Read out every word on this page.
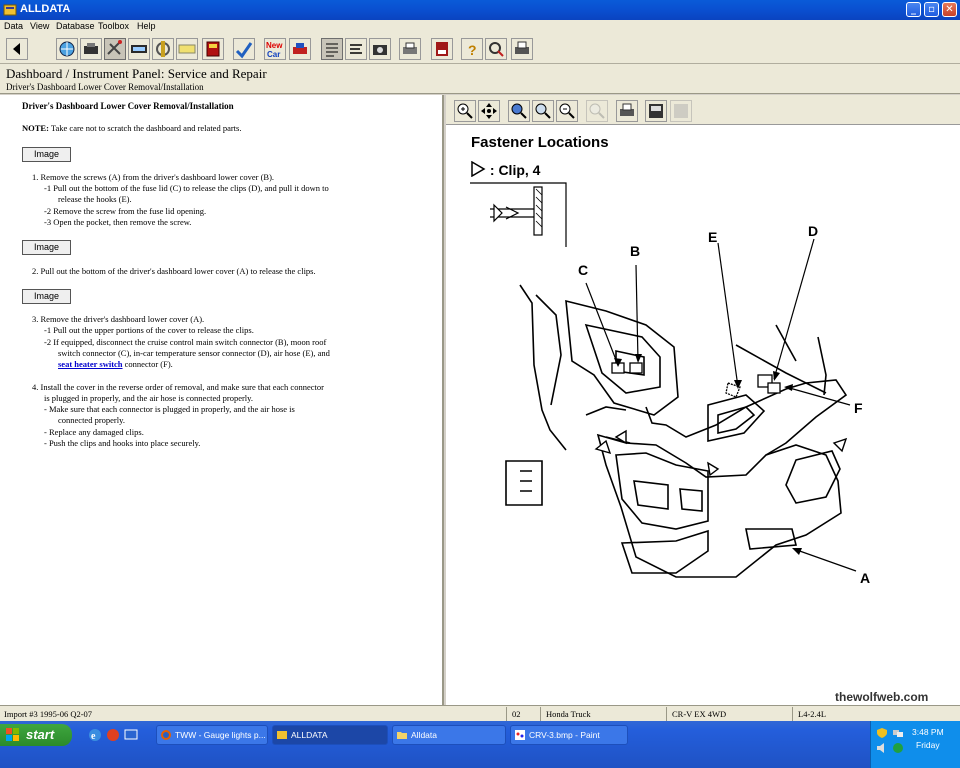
ALLDATA	_	▫	✕
Data View Database Toolbox Help
New
Car	?
Dashboard / Instrument Panel: Service and Repair
Driver's Dashboard Lower Cover Removal/Installation
Driver's Dashboard Lower Cover Removal/Installation
NOTE: Take care not to scratch the dashboard and related parts.
Image
1. Remove the screws (A) from the driver's dashboard lower cover (B).
-1 Pull out the bottom of the fuse lid (C) to release the clips (D), and pull it down to
release the hooks (E).
-2 Remove the screw from the fuse lid opening.
-3 Open the pocket, then remove the screw.
Image
2. Pull out the bottom of the driver's dashboard lower cover (A) to release the clips.
Image
3. Remove the driver's dashboard lower cover (A).
-1 Pull out the upper portions of the cover to release the clips.
-2 If equipped, disconnect the cruise control main switch connector (B), moon roof
switch connector (C), in-car temperature sensor connector (D), air hose (E), and
seat heater switch connector (F).
4. Install the cover in the reverse order of removal, and make sure that each connector
is plugged in properly, and the air hose is connected properly.
- Make sure that each connector is plugged in properly, and the air hose is
connected properly.
- Replace any damaged clips.
- Push the clips and hooks into place securely.
Fastener Locations
: Clip, 4
C
B
E	D
F
A
thewolfweb.com
Import #3 1995-06 Q2-07	02	Honda Truck	CR-V EX 4WD	L4-2.4L
start	e	TWW - Gauge lights p...	ALLDATA	Alldata	CRV-3.bmp - Paint	3:48 PM
Friday
